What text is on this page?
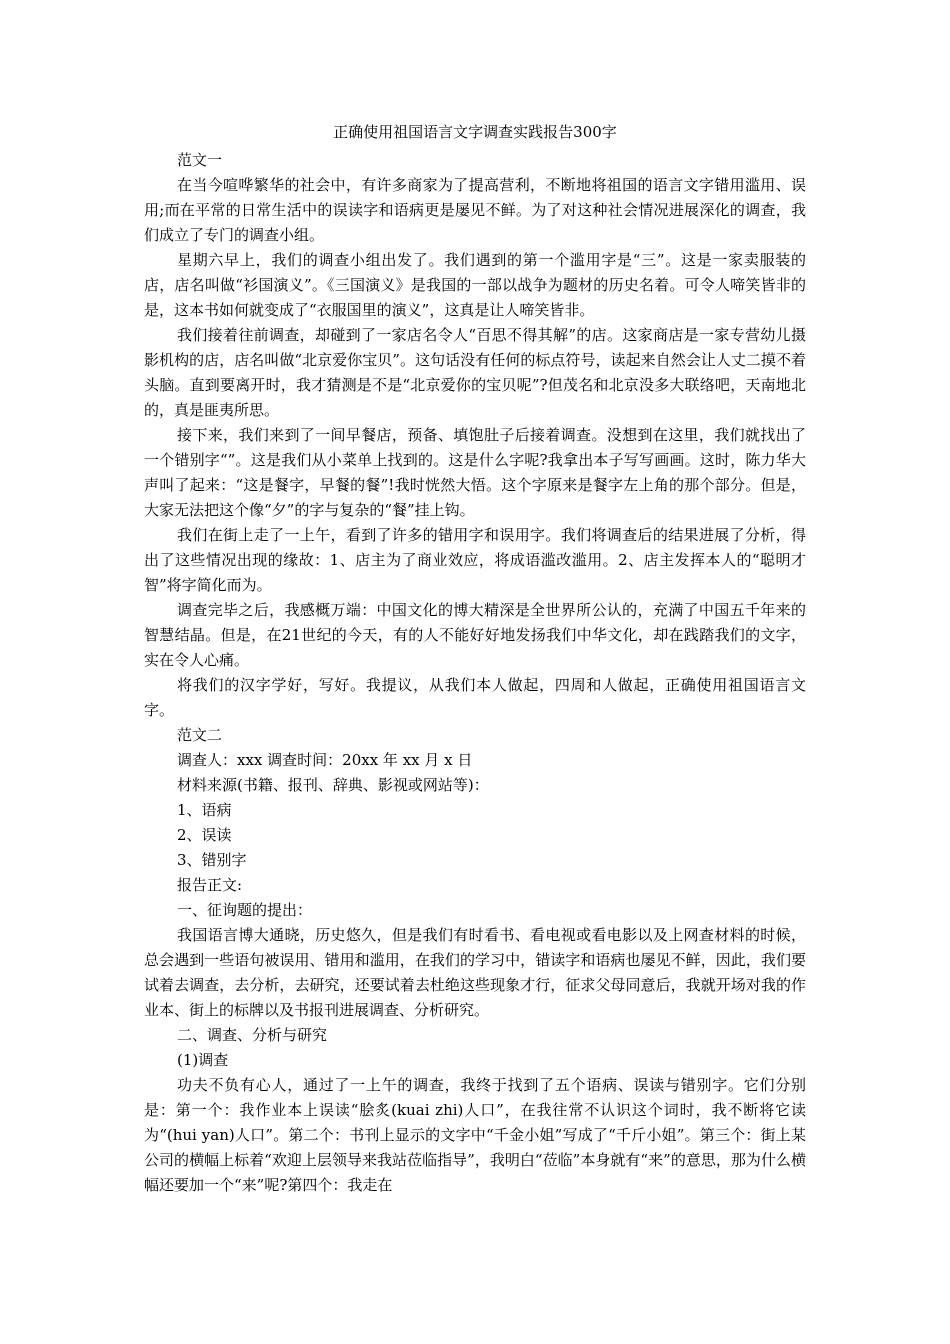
正确使用祖国语言文字调查实践报告300字
范文一

在当今喧哗繁华的社会中，有许多商家为了提高营利，不断地将祖国的语言文字错用滥用、误用;而在平常的日常生活中的误读字和语病更是屡见不鲜。为了对这种社会情况进展深化的调查，我们成立了专门的调查小组。

星期六早上，我们的调查小组出发了。我们遇到的第一个滥用字是“三”。这是一家卖服装的店，店名叫做“衫国演义”。《三国演义》是我国的一部以战争为题材的历史名着。可令人啼笑皆非的是，这本书如何就变成了“衣服国里的演义”，这真是让人啼笑皆非。

我们接着往前调查，却碰到了一家店名令人“百思不得其解”的店。这家商店是一家专营幼儿摄影机构的店，店名叫做“北京爱你宝贝”。这句话没有任何的标点符号，读起来自然会让人丈二摸不着头脑。直到要离开时，我才猜测是不是“北京爱你的宝贝呢”?但茂名和北京没多大联络吧，天南地北的，真是匪夷所思。

接下来，我们来到了一间早餐店，预备、填饱肚子后接着调查。没想到在这里，我们就找出了一个错别字“”。这是我们从小菜单上找到的。这是什么字呢?我拿出本子写写画画。这时，陈力华大声叫了起来：“这是餐字，早餐的餐”!我时恍然大悟。这个字原来是餐字左上角的那个部分。但是，大家无法把这个像“夕”的字与复杂的“餐”挂上钩。

我们在街上走了一上午，看到了许多的错用字和误用字。我们将调查后的结果进展了分析，得出了这些情况出现的缘故：1、店主为了商业效应，将成语滥改滥用。2、店主发挥本人的“聪明才智”将字简化而为。

调查完毕之后，我感概万端：中国文化的博大精深是全世界所公认的，充满了中国五千年来的智慧结晶。但是，在21世纪的今天，有的人不能好好地发扬我们中华文化，却在践踏我们的文字，实在令人心痛。

将我们的汉字学好，写好。我提议，从我们本人做起，四周和人做起，正确使用祖国语言文字。

范文二
调查人：xxx 调查时间：20xx 年 xx 月 x 日
材料来源(书籍、报刊、辞典、影视或网站等)：
1、语病
2、误读
3、错别字
报告正文:
一、征询题的提出：

我国语言博大通晓，历史悠久，但是我们有时看书、看电视或看电影以及上网查材料的时候，总会遇到一些语句被误用、错用和滥用，在我们的学习中，错读字和语病也屡见不鲜，因此，我们要试着去调查，去分析，去研究，还要试着去杜绝这些现象才行，征求父母同意后，我就开场对我的作业本、街上的标牌以及书报刊进展调查、分析研究。

二、调查、分析与研究
(1)调查

功夫不负有心人，通过了一上午的调查，我终于找到了五个语病、误读与错别字。它们分别是：第一个：我作业本上误读“脍炙(kuai zhi)人口”，在我往常不认识这个词时，我不断将它读为“(hui yan)人口”。第二个：书刊上显示的文字中“千金小姐”写成了“千斤小姐”。第三个：街上某公司的横幅上标着“欢迎上层领导来我站莅临指导”，我明白“莅临”本身就有“来”的意思，那为什么横幅还要加一个“来”呢?第四个：我走在
